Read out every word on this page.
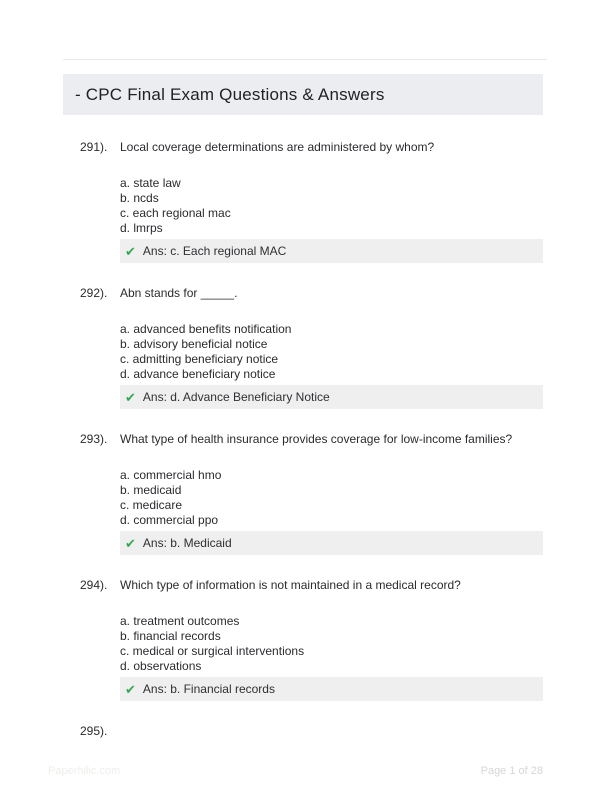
- CPC Final Exam Questions & Answers
291).	Local coverage determinations are administered by whom?
a. state law
b. ncds
c. each regional mac
d. lmrps
✔ Ans: c. Each regional MAC
292).	Abn stands for _____.
a. advanced benefits notification
b. advisory beneficial notice
c. admitting beneficiary notice
d. advance beneficiary notice
✔ Ans: d. Advance Beneficiary Notice
293).	What type of health insurance provides coverage for low-income families?
a. commercial hmo
b. medicaid
c. medicare
d. commercial ppo
✔ Ans: b. Medicaid
294).	Which type of information is not maintained in a medical record?
a. treatment outcomes
b. financial records
c. medical or surgical interventions
d. observations
✔ Ans: b. Financial records
295).
Paperhilic.com	Page 1 of 28
